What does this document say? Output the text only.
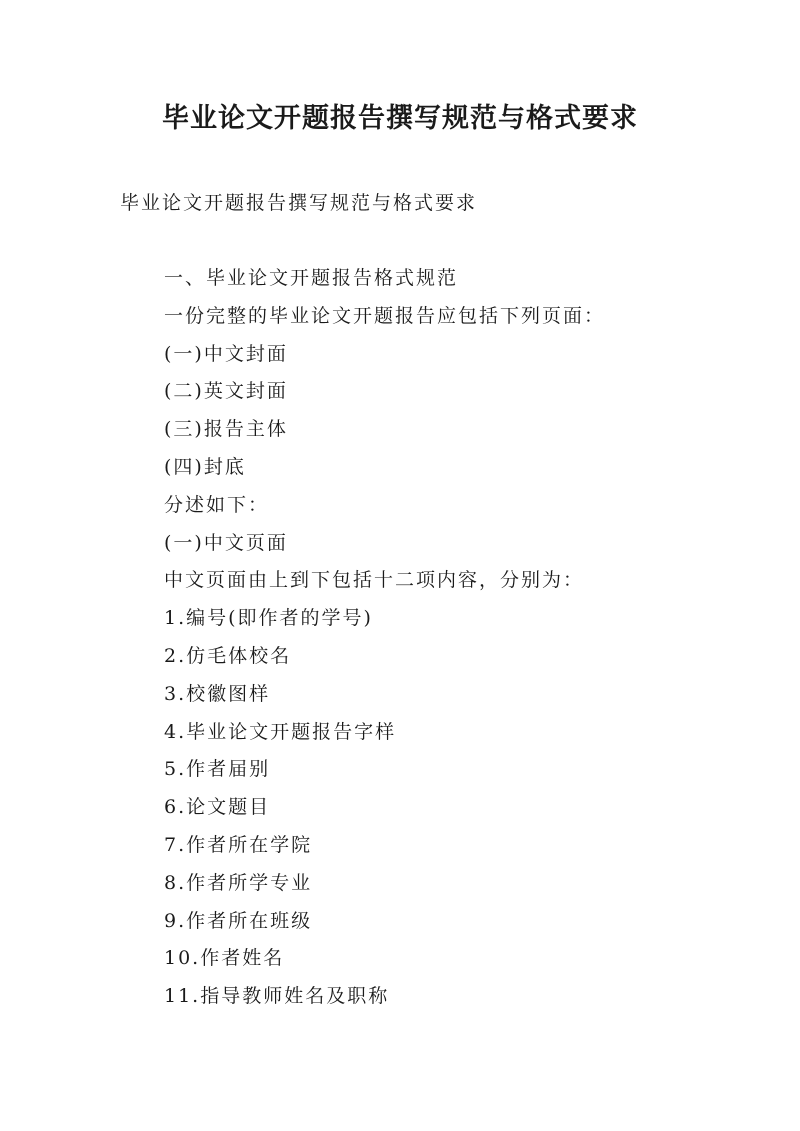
毕业论文开题报告撰写规范与格式要求

毕业论文开题报告撰写规范与格式要求

一、毕业论文开题报告格式规范
一份完整的毕业论文开题报告应包括下列页面：
(一)中文封面
(二)英文封面
(三)报告主体
(四)封底
分述如下：
(一)中文页面
中文页面由上到下包括十二项内容，分别为：
1.编号(即作者的学号)
2.仿毛体校名
3.校徽图样
4.毕业论文开题报告字样
5.作者届别
6.论文题目
7.作者所在学院
8.作者所学专业
9.作者所在班级
10.作者姓名
11.指导教师姓名及职称
